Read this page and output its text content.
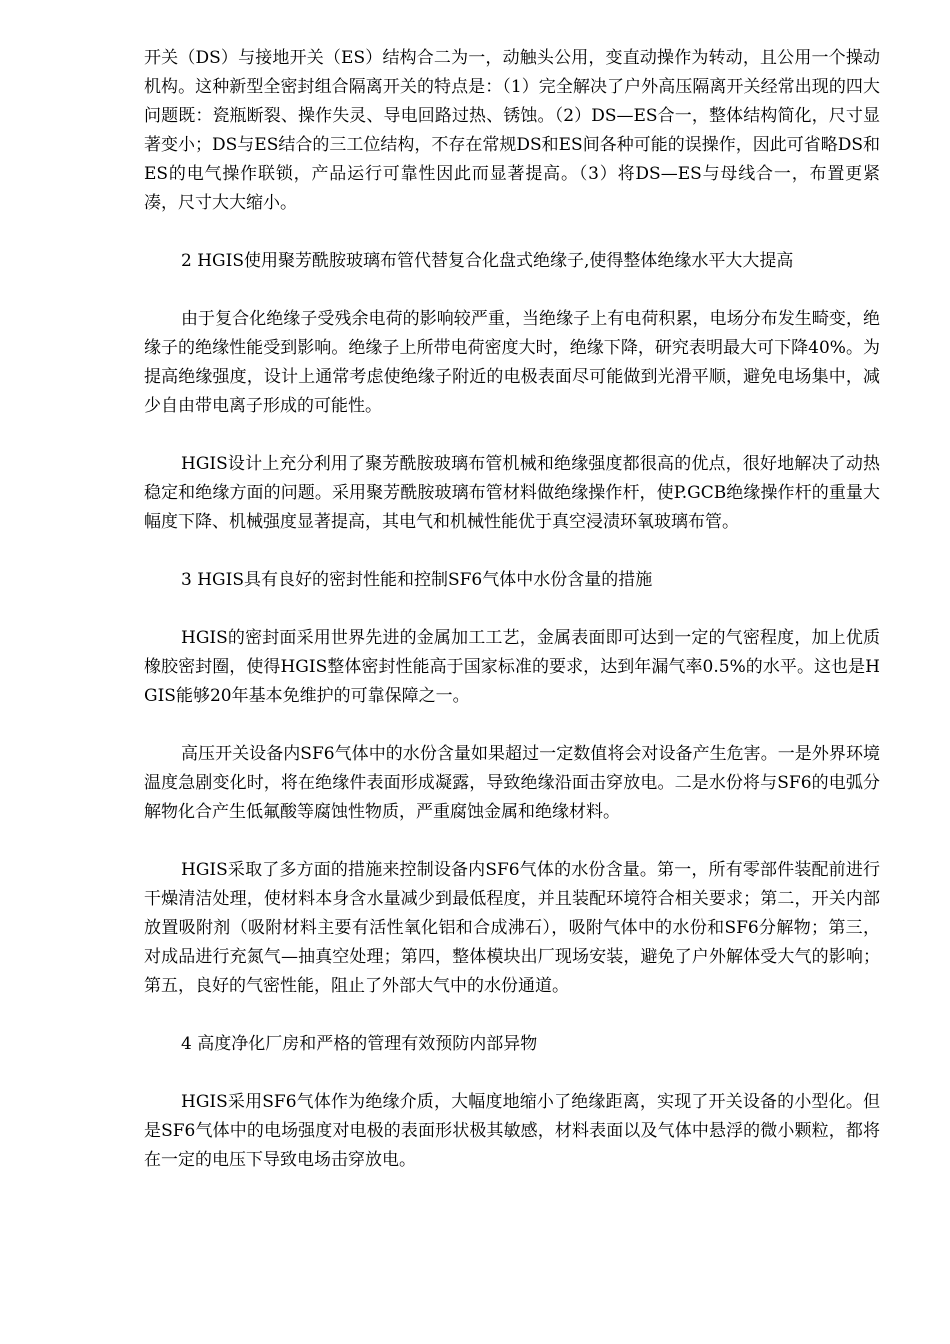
开关（DS）与接地开关（ES）结构合二为一，动触头公用，变直动操作为转动，且公用一个操动机构。这种新型全密封组合隔离开关的特点是：（1）完全解决了户外高压隔离开关经常出现的四大问题既：瓷瓶断裂、操作失灵、导电回路过热、锈蚀。（2）DS—ES合一，整体结构简化，尺寸显著变小；DS与ES结合的三工位结构，不存在常规DS和ES间各种可能的误操作，因此可省略DS和ES的电气操作联锁，产品运行可靠性因此而显著提高。（3）将DS—ES与母线合一，布置更紧凑，尺寸大大缩小。

2 HGIS使用聚芳酰胺玻璃布管代替复合化盘式绝缘子,使得整体绝缘水平大大提高

由于复合化绝缘子受残余电荷的影响较严重，当绝缘子上有电荷积累，电场分布发生畸变，绝缘子的绝缘性能受到影响。绝缘子上所带电荷密度大时，绝缘下降，研究表明最大可下降40%。为提高绝缘强度，设计上通常考虑使绝缘子附近的电极表面尽可能做到光滑平顺，避免电场集中，减少自由带电离子形成的可能性。

HGIS设计上充分利用了聚芳酰胺玻璃布管机械和绝缘强度都很高的优点，很好地解决了动热稳定和绝缘方面的问题。采用聚芳酰胺玻璃布管材料做绝缘操作杆，使P.GCB绝缘操作杆的重量大幅度下降、机械强度显著提高，其电气和机械性能优于真空浸渍环氧玻璃布管。

3 HGIS具有良好的密封性能和控制SF6气体中水份含量的措施

HGIS的密封面采用世界先进的金属加工工艺，金属表面即可达到一定的气密程度，加上优质橡胶密封圈，使得HGIS整体密封性能高于国家标准的要求，达到年漏气率0.5%的水平。这也是HGIS能够20年基本免维护的可靠保障之一。

高压开关设备内SF6气体中的水份含量如果超过一定数值将会对设备产生危害。一是外界环境温度急剧变化时，将在绝缘件表面形成凝露，导致绝缘沿面击穿放电。二是水份将与SF6的电弧分解物化合产生低氟酸等腐蚀性物质，严重腐蚀金属和绝缘材料。

HGIS采取了多方面的措施来控制设备内SF6气体的水份含量。第一，所有零部件装配前进行干燥清洁处理，使材料本身含水量减少到最低程度，并且装配环境符合相关要求；第二，开关内部放置吸附剂（吸附材料主要有活性氧化铝和合成沸石），吸附气体中的水份和SF6分解物；第三，对成品进行充氮气—抽真空处理；第四，整体模块出厂现场安装，避免了户外解体受大气的影响；第五，良好的气密性能，阻止了外部大气中的水份通道。

4 高度净化厂房和严格的管理有效预防内部异物

HGIS采用SF6气体作为绝缘介质，大幅度地缩小了绝缘距离，实现了开关设备的小型化。但是SF6气体中的电场强度对电极的表面形状极其敏感，材料表面以及气体中悬浮的微小颗粒，都将在一定的电压下导致电场击穿放电。
